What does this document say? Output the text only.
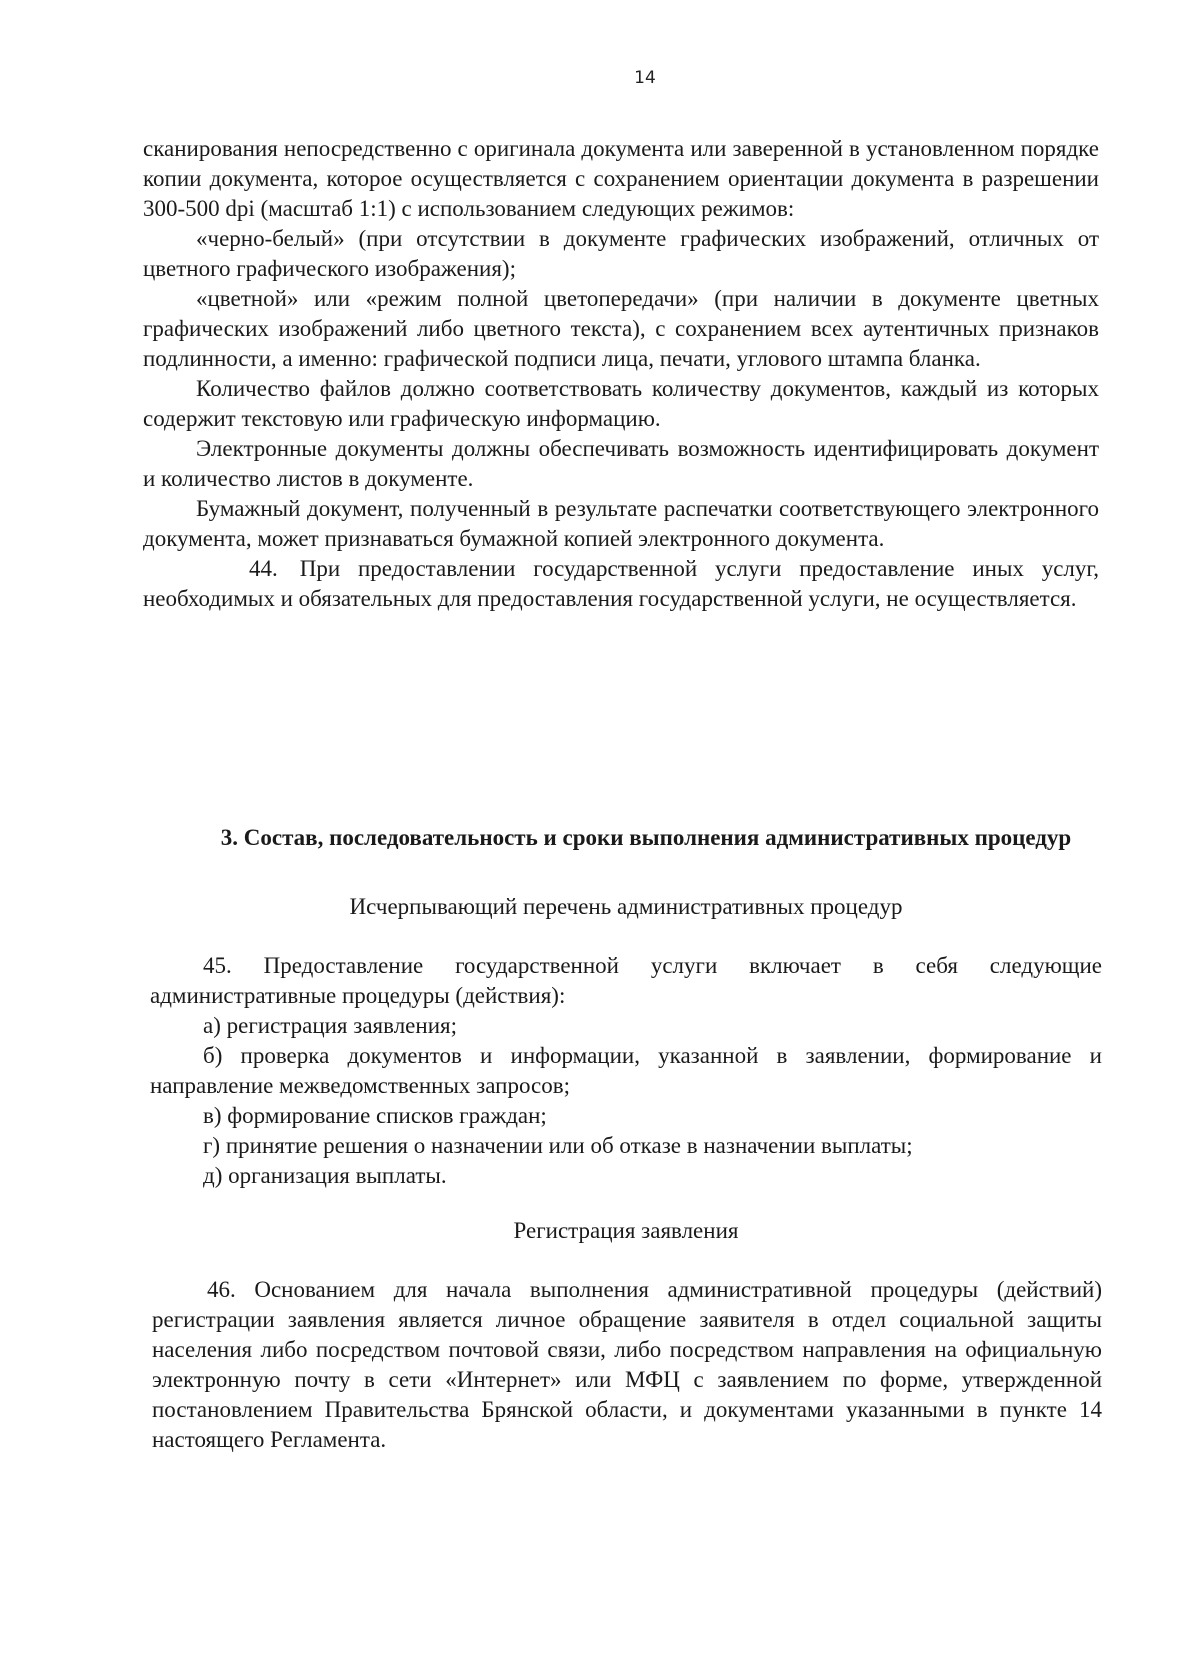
14

сканирования непосредственно с оригинала документа или заверенной в установленном порядке копии документа, которое осуществляется с сохранением ориентации документа в разрешении 300-500 dpi (масштаб 1:1) с использованием следующих режимов:

«черно-белый» (при отсутствии в документе графических изображений, отличных от цветного графического изображения);

«цветной» или «режим полной цветопередачи» (при наличии в документе цветных графических изображений либо цветного текста), с сохранением всех аутентичных признаков подлинности, а именно: графической подписи лица, печати, углового штампа бланка.

Количество файлов должно соответствовать количеству документов, каждый из которых содержит текстовую или графическую информацию.

Электронные документы должны обеспечивать возможность идентифицировать документ и количество листов в документе.

Бумажный документ, полученный в результате распечатки соответствующего электронного документа, может признаваться бумажной копией электронного документа.

44. При предоставлении государственной услуги предоставление иных услуг, необходимых и обязательных для предоставления государственной услуги, не осуществляется.

3. Состав, последовательность и сроки выполнения административных процедур
Исчерпывающий перечень административных процедур

45. Предоставление государственной услуги включает в себя следующие административные процедуры (действия):

а) регистрация заявления;

б) проверка документов и информации, указанной в заявлении, формирование и направление межведомственных запросов;

в) формирование списков граждан;

г) принятие решения о назначении или об отказе в назначении выплаты;

д) организация выплаты.

Регистрация заявления

46. Основанием для начала выполнения административной процедуры (действий) регистрации заявления является личное обращение заявителя в отдел социальной защиты населения либо посредством почтовой связи, либо посредством направления на официальную электронную почту в сети «Интернет» или МФЦ с заявлением по форме, утвержденной постановлением Правительства Брянской области, и документами указанными в пункте 14 настоящего Регламента.
